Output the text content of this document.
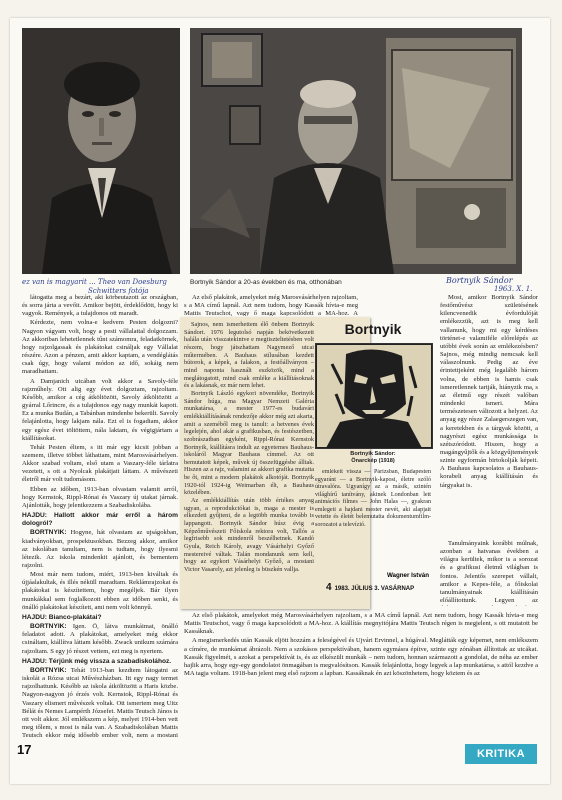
ez van is magyarit ... Theo van Doesburg
Schwitters fotója
Bortnyik Sándor
1963. X. 1.
Bortnyik Sándor a 20-as években és ma, otthonában

látogatta meg a bezárt, aki körbeutazott az országban, és sorra járta a vevőit. Amikor bejött, érdeklődött, hogy ki vagyok. Remények, a tulajdonos ott maradt.

Kérdezte, nem volna-e kedvem Pesten dolgozni? Nagyon vágyam volt, hogy a pesti vállalattal dolgozzam. Az akkoriban lehetetlennek tűnt számomra, feladatkörnek, hogy rajzolgassak és plakátokat csináljak egy Vállalat részére. Azon a pénzen, amit akkor kaptam, a vendéglátás csak úgy, hogy valami módon az idő, sokáig nem maradhattam.

A Damjanich utcában volt akkor a Savoly-féle rajzműhely. Ott alig egy évet dolgoztam, rajzoltam. Később, amikor a cég átköltözött, Savoly átköltözött a gyárral Lőrincre, és a tulajdonos egy nagy munkát kapott. Ez a munka Budán, a Tabánban mindenbe bekerült. Savoly felajánlotta, hogy lakjam nála. Ezt el is fogadtam, akkor egy egész évet töltöttem, nála laktam, és végigjártam a kiállításokat.

Tehát Pesten éltem, s itt már egy kicsit jobban a szemem, illetve többet láthattam, mint Marosvásárhelyen. Akkor szabad voltam, első utam a Vaszary-féle tárlatra vezetett, s ott a Nyolcak plakátjait láttam. A művészeti életről már volt tudomásom.

Ebben az időben, 1913-ban olvastam valamit arról, hogy Kernstok, Rippl-Rónai és Vaszary új utakat járnak. Ajánlották, hogy jelentkezzem a Szabadiskolába.

HAJDU: Hallott akkor már erről a három dologról?

BORTNYIK: Hogyne, hát olvastam az ujságokban, kiadványokban, prospektusokban. Bezzeg akkor, amikor az iskolában tanultam, nem is tudtam, hogy ilyesmi létezik. Az iskola mindenkit ajánlott, és bementem rajzolni.

Most már nem tudom, miért, 1913-ben kiváltak és újjáalakultak, és illés néküll maradtam. Reklámrajzokat és plakátokat is készítettem, hogy megéljek. Bár ilyen munkákkal sem foglalkozott ebben az időben senki, és önálló plakátokat készített, ami nem volt könnyű.

HAJDU: Bianco-plakátai?

BORTNYIK: Igen. Ö, látva munkáimat, önálló feladatot adott. A plakátokat, amelyeket még ekkor csináltam, kiállítva láttam később. Zwack unikum számára rajzoltam. S egy jó részet vettem, ezt meg is nyertem.

HAJDU: Térjünk még vissza a szabadiskolához.

BORTNYIK: Tehát 1913-ban kezdtem látogatni az iskolát a Rózsa utcai Művészházban. Itt egy nagy termet rajzolhattunk. Később az iskola átköltözött a Haris közbe. Nagyon-nagyon jó érzés volt. Kernstok, Rippl-Rónai és Vaszary elismert művészek voltak. Ott ismertem meg Uitz Bélát és Nemes Lampérth Józsefet. Mattis Teutsch János is ott volt akkor. Jól emlékszem a kép, melyet 1914-ben vett meg tőlem, s most is nála van. A Szabadiskolában Mattis Teutsch ekkor még idősebb ember volt, nem a mostani

Az első plakátok, amelyeket még Marosvásárhelyen rajzoltam, s a MA című lapnál. Azt nem tudom, hogy Kassák hívta-e meg Mattis Teutschot, vagy ő maga kapcsolódott a MA-hoz. A

Most, amikor Bortnyik Sándor festőművész születésének kilencvenedik évfordulóját emlékezzük, azt is meg kell vallanunk, hogy mi egy kérdéses történet-e valamiféle előrelépés az utóbbi évek során az emlékezésben? Sajnos, még mindig nemcsak kell válaszolnunk. Pedig az éve érintettjeként még legalább három volna, de ebben is hamis csak ismeretlennek tartják, hiányzik ma, s az életmű egy részét valóban mindenki ismeri. Mára természetesen változott a helyzet. Az anyag egy része Zalaegerszegen van, a keretekben és a tárgyak között, a nagyrészt egész munkássága is szétszóródott. Hiszen, hogy a magángyűjtők és a közgyűjtemények szinte egyformán birtokolják képeit. A Bauhaus kapcsolatos a Bauhaus-korabeli anyag kiállításán és tárgyakat is.

Tanulmányaink korábbi múlnak, azonban a hatvanas években a világra kerültek, mikor is a sorozat és a grafikusi életmű világban is fontos. Jelentős szerepet vállalt, amikor a Kepes-féle, a főiskolai tanulmányainak kiállításán előállítottunk. Legyen az

Az első plakátok, amelyeket még Marosvásárhelyen rajzoltam, s a MA című lapnál. Azt nem tudom, hogy Kassák hívta-e meg Mattis Teutschot, vagy ő maga kapcsolódott a MA-hoz. A kiállítás megnyitójára Mattis Teutsch régen is megjelent, s ott mutatott be Kassáknak.

A megismerkedés után Kassák eljött hozzám a feleségével és Ujvári Ervinnel, a húgával. Meglátták egy képemet, nem emlékszem a címére, de munkámat ábrázolt. Nem a szokásos perspektívában, hanem egymásra építve, szinte egy zónában állítottak az utcákat. Kassák figyelmét, s azokat a perspektívát is, és az elkészült munkák – nem tudom, honnan származott a gondolat, de néha az ember hajlik arra, hogy egy-egy gondolatot önmagában is megvalósítson. Kassák felajánlotta, hogy legyek a lap munkatársa, s attól kezdve a MA tagja voltam. 1918-ban jelent meg első rajzom a lapban. Kassáknak én azt köszönhetem, hogy köztem és az

Sajnos, nem ismerhettem élő önbem Bortnyik Sándort. 1976 legutolsó napján bekövetkezett halála után visszatekintve e megtiszteltetésben volt részem, hogy játszhattam Nagymező utcai műtermében. A Bauhaus stílusában kezdett bútorok, a képek, a falakon, a festőállványon – mind naponta használt eszközök, mind a meglátogatott, mind csak emléke a kiállításoknak és a lakásnak, ez már nem lehet.

Bortnyik László egykori növendéke, Bortnyik Sándor húga, ma Magyar Nemzeti Galéria munkatársa, a mester 1977-es budavári emlékkiállításának rendezője akkor még azt akarta, amit a szeméből meg is tanult: a hetvenes évek legelején, ahol akár a grafikusban, és festészetben, szobrászatban egyként, Rippl-Rónai Kernstok Bortnyik, kiállításra indult az egyetemes Bauhaus-iskoláról Magyar Bauhaus címmel. Az ott bemutatott képek, művek új összefüggésbe álltak. Hiszen az a rajz, valamint az akkori grafika mutatta be őt, mint a modern plakátok alkotóját. Bortnyik 1920-tól 1924-ig Weimarban élt, a Bauhaus közelében.

Az emlékkiállítás után több értékes anyag ugyan, a reprodukciókat is, maga a mester is elkezdett gyűjteni, de a legtöbb munka tovább is lappangott. Bortnyik Sándor húsz évig a Képzőművészeti Főiskola rektora volt, Tallós a legfrisebb sok mindenről beszélhetnek. Kandó Gyula, Reich Károly, avagy Vásárhelyi Győző mestereivé váltak. Talán mondanunk sem kell, hogy az egykori Vásárhelyi Győző, a mostani Victor Vasarely, azt jelenleg is büszkén vallja.

Bortnyik
Bortnyik Sándor:
Önarckép (1918)

emlékeit vissza — Párizsban, Budapesten egyaránt — a Bortnyik-kaposi, életre szóló útravalóra. Ugyanígy az a másik, szintén világhírű tanítvány, akinek Londonban lett animációs filmes — John Halas —, gyakran emlegeti a hajdani mester nevét, aki alapjait vetette és életét belemutatta dokumentumfilm-sorozatot a televízió.

Wagner István
4 1983. JÚLIUS 3. VASÁRNAP
17	KRITIKA
